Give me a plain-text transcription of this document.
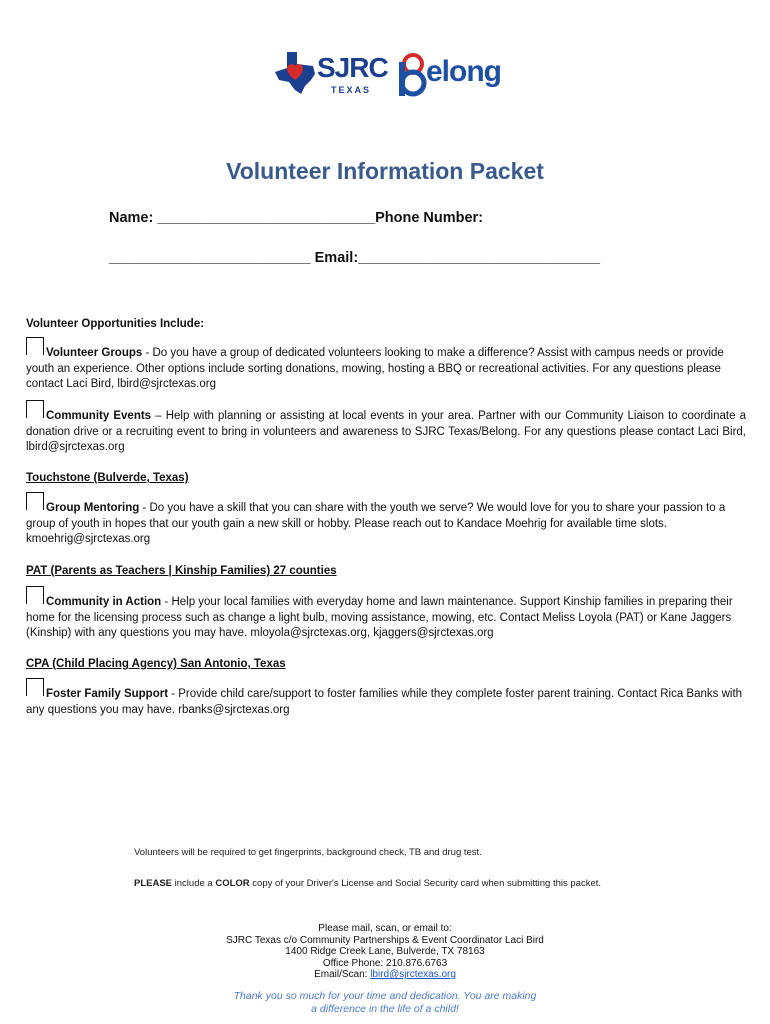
SJRC
TEXAS
elong
Volunteer Information Packet
Name: ___________________________Phone Number:
_________________________ Email:______________________________
Volunteer Opportunities Include:
Volunteer Groups - Do you have a group of dedicated volunteers looking to make a difference? Assist with campus needs or provide youth an experience. Other options include sorting donations, mowing, hosting a BBQ or recreational activities. For any questions please contact Laci Bird, lbird@sjrctexas.org
Community Events – Help with planning or assisting at local events in your area. Partner with our Community Liaison to coordinate a donation drive or a recruiting event to bring in volunteers and awareness to SJRC Texas/Belong. For any questions please contact Laci Bird, lbird@sjrctexas.org
Touchstone (Bulverde, Texas)
Group Mentoring - Do you have a skill that you can share with the youth we serve? We would love for you to share your passion to a group of youth in hopes that our youth gain a new skill or hobby. Please reach out to Kandace Moehrig for available time slots. kmoehrig@sjrctexas.org
PAT (Parents as Teachers | Kinship Families) 27 counties
Community in Action - Help your local families with everyday home and lawn maintenance. Support Kinship families in preparing their home for the licensing process such as change a light bulb, moving assistance, mowing, etc. Contact Meliss Loyola (PAT) or Kane Jaggers (Kinship) with any questions you may have. mloyola@sjrctexas.org, kjaggers@sjrctexas.org
CPA (Child Placing Agency) San Antonio, Texas
Foster Family Support - Provide child care/support to foster families while they complete foster parent training. Contact Rica Banks with any questions you may have. rbanks@sjrctexas.org
Volunteers will be required to get fingerprints, background check, TB and drug test.
PLEASE include a COLOR copy of your Driver's License and Social Security card when submitting this packet.
Please mail, scan, or email to:
SJRC Texas c/o Community Partnerships & Event Coordinator Laci Bird
1400 Ridge Creek Lane, Bulverde, TX 78163
Office Phone: 210.876.6763
Email/Scan: lbird@sjrctexas.org
Thank you so much for your time and dedication. You are making
a difference in the life of a child!
